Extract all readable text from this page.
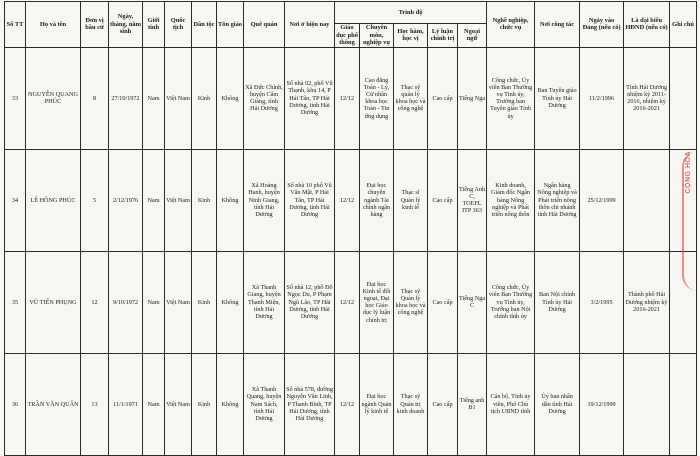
Số TT	Họ và tên	Đơn vị bầu cử	Ngày, tháng, năm sinh	Giới tính	Quốc tịch	Dân tộc	Tôn giáo	Quê quán	Nơi ở hiện nay	Trình độ					Nghề nghiệp, chức vụ	Nơi công tác	Ngày vào Đảng (nếu có)	Là đại biểu HĐND (nếu có)	Ghi chú
										Giáo dục phổ thông	Chuyên môn, nghiệp vụ	Học hàm, học vị	Lý luận chính trị	Ngoại ngữ					
33	NGUYỄN QUANG PHÚC	8	27/10/1972	Nam	Việt Nam	Kinh	Không	Xã Đức Chính, huyện Cẩm Giàng, tỉnh Hải Dương	Số nhà 02, phố Vũ Thạnh, khu 14, P Hải Tân, TP Hải Dương, tỉnh Hải Dương	12/12	Cao đẳng Toán - Lý, Cử nhân khoa học Toán - Tin ứng dụng	Thạc sỹ quản lý khoa học và công nghệ	Cao cấp	Tiếng Nga	Công chức, Ủy viên Ban Thường vụ Tỉnh ủy, Trưởng ban Tuyên giáo Tỉnh ủy	Ban Tuyên giáo Tỉnh ủy Hải Dương	11/2/1996	Tỉnh Hải Dương nhiệm kỳ 2011-2016, nhiệm kỳ 2016-2021	
34	LÊ HỒNG PHÚC	5	2/12/1976	Nam	Việt Nam	Kinh	Không	Xã Hoàng Hanh, huyện Ninh Giang, tỉnh Hải Dương	Số nhà 10 phố Vũ Văn Mật, P Hải Tân, TP Hải Dương, tỉnh Hải Dương	12/12	Đại học chuyên ngành Tài chính ngân hàng	Thạc sĩ Quản lý kinh tế	Cao cấp	Tiếng Anh C, TOEFL ITP 363	Kinh doanh, Giám đốc Ngân hàng Nông nghiệp và Phát triển nông thôn	Ngân hàng Nông nghiệp và Phát triển nông thôn chi nhánh tỉnh Hải Dương	25/12/1999		
35	VŨ TIẾN PHỤNG	12	9/10/1972	Nam	Việt Nam	Kinh	Không	Xã Thanh Giang, huyện Thanh Miện, tỉnh Hải Dương	Số nhà 12, phố Đỗ Ngọc Du, P Phạm Ngũ Lão, TP Hải Dương, tỉnh Hải Dương	12/12	Đại học Kinh tế đối ngoại, Đại học Giáo dục lý luận chính trị	Thạc sỹ Quản lý khoa học và công nghệ	Cao cấp	Tiếng Nga C	Công chức, Ủy viên Ban Thường vụ Tỉnh ủy, Trưởng ban Nội chính tỉnh ủy	Ban Nội chính Tỉnh ủy Hải Dương	3/2/1995	Thành phố Hải Dương nhiệm kỳ 2016-2021	
36	TRẦN VĂN QUÂN	13	11/1/1971	Nam	Việt Nam	Kinh	Không	Xã Thanh Quang, huyện Nam Sách, tỉnh Hải Dương	Số nhà 578, đường Nguyễn Văn Linh, P Thanh Bình, TP Hải Dương, tỉnh Hải Dương	12/12	Đại học ngành Quản lý kinh tế	Thạc sỹ Quản trị kinh doanh	Cao cấp	Tiếng anh B1	Cán bộ, Tỉnh ủy viên, Phó Chủ tịch UBND tỉnh	Ủy ban nhân dân tỉnh Hải Dương	19/12/1999		
CỘNG HÒA
